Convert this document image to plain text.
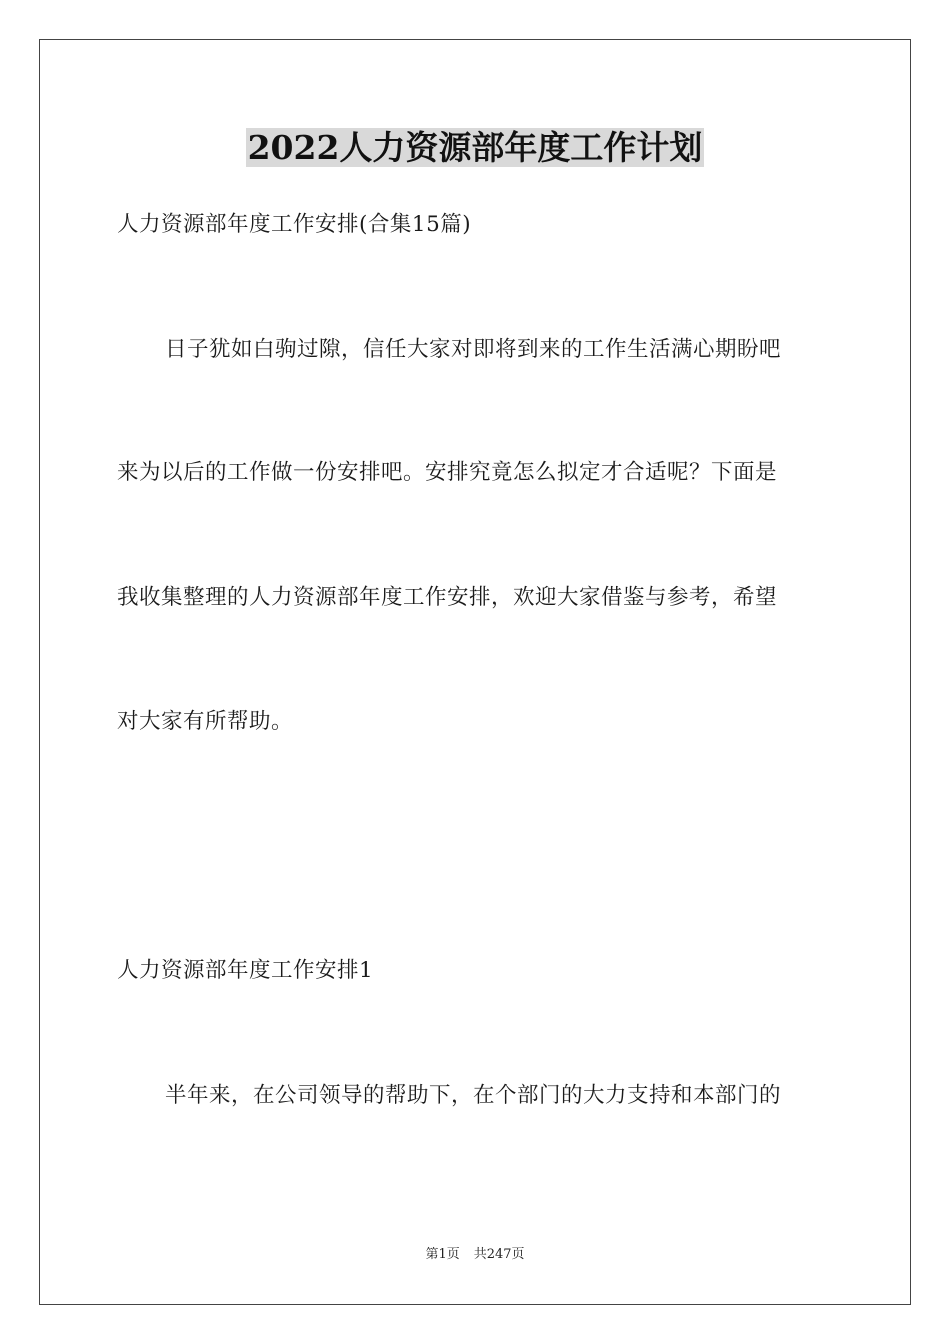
2022人力资源部年度工作计划
人力资源部年度工作安排(合集15篇)
日子犹如白驹过隙，信任大家对即将到来的工作生活满心期盼吧
来为以后的工作做一份安排吧。安排究竟怎么拟定才合适呢？下面是
我收集整理的人力资源部年度工作安排，欢迎大家借鉴与参考，希望
对大家有所帮助。
人力资源部年度工作安排1
半年来，在公司领导的帮助下，在个部门的大力支持和本部门的
第1页 共247页
